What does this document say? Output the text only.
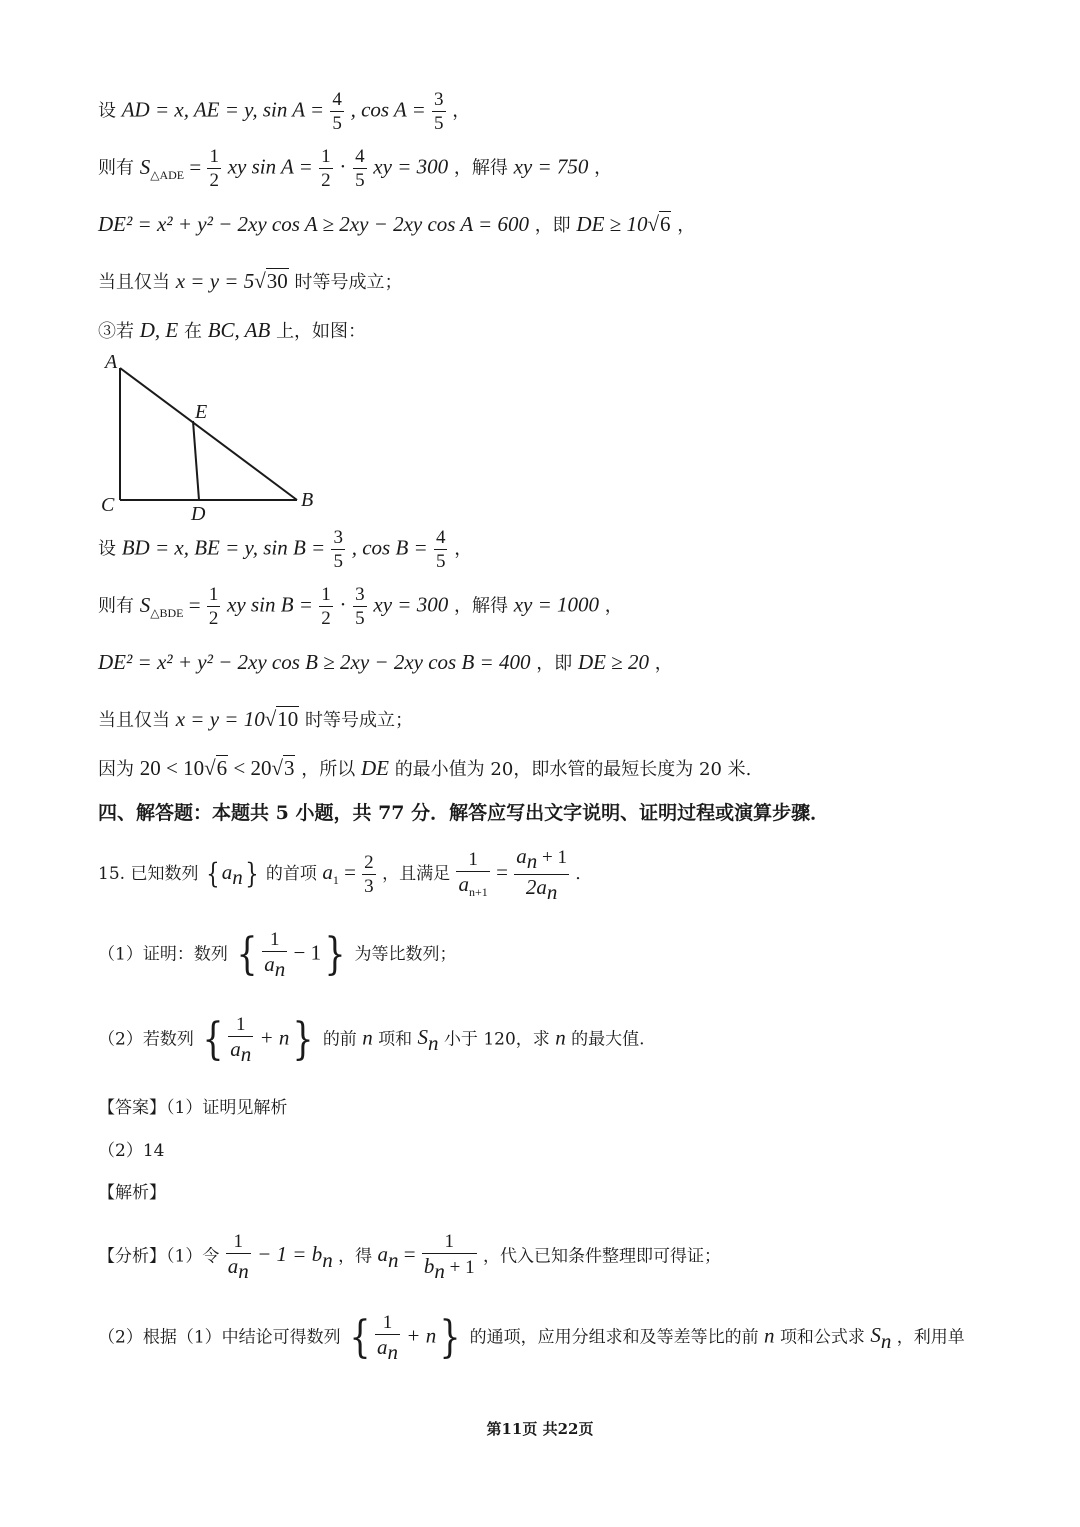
设 AD = x, AE = y, $\sin A = \frac{4}{5}$ , $\cos A = \frac{3}{5}$ ，
则有 $S_{\triangle ADE} = \frac{1}{2}$ xy $\sin A = \frac{1}{2} \cdot \frac{4}{5}$ xy = 300 ，解得 xy = 750 ，
DE² = x² + y² − 2xy cos A ≥ 2xy − 2xy cos A = 600 ，即 DE ≥ 10√6 ，
当且仅当 x = y = 5√30 时等号成立；
③若 D, E 在 BC, AB 上，如图：
A
E
C	D
B
设 BD = x, BE = y, $\sin B = \frac{3}{5}$ , $\cos B = \frac{4}{5}$ ，
则有 $S_{\triangle BDE} = \frac{1}{2}$ xy $\sin B = \frac{1}{2} \cdot \frac{3}{5}$ xy = 300 ，解得 xy = 1000 ，
DE² = x² + y² − 2xy cos B ≥ 2xy − 2xy cos B = 400 ，即 DE ≥ 20 ，
当且仅当 x = y = 10√10 时等号成立；
因为 20 < 10√6 < 20√3 ，所以 DE 的最小值为 20，即水管的最短长度为 20 米.
四、解答题：本题共 5 小题，共 77 分．解答应写出文字说明、证明过程或演算步骤．
15. 已知数列 { $a_n$} 的首项 $a_1 = \frac{2}{3}$ ，且满足 $\frac{1}{a_{n+1}} = \frac{a_n + 1}{2a_n}$ ．
（1）证明：数列 { $\frac{1}{a_n} - 1$} 为等比数列；
（2）若数列 { $\frac{1}{a_n} + n$} 的前 n 项和 $S_n$ 小于 120，求 n 的最大值.
【答案】（1）证明见解析
（2）14
【解析】
【分析】（1）令 $\frac{1}{a_n} - 1 = b_n$ ，得 $a_n = \frac{1}{b_n + 1}$ ，代入已知条件整理即可得证；
（2）根据（1）中结论可得数列 { $\frac{1}{a_n} + n$} 的通项，应用分组求和及等差等比的前 n 项和公式求 $S_n$ ，利用单
第11页 共22页
